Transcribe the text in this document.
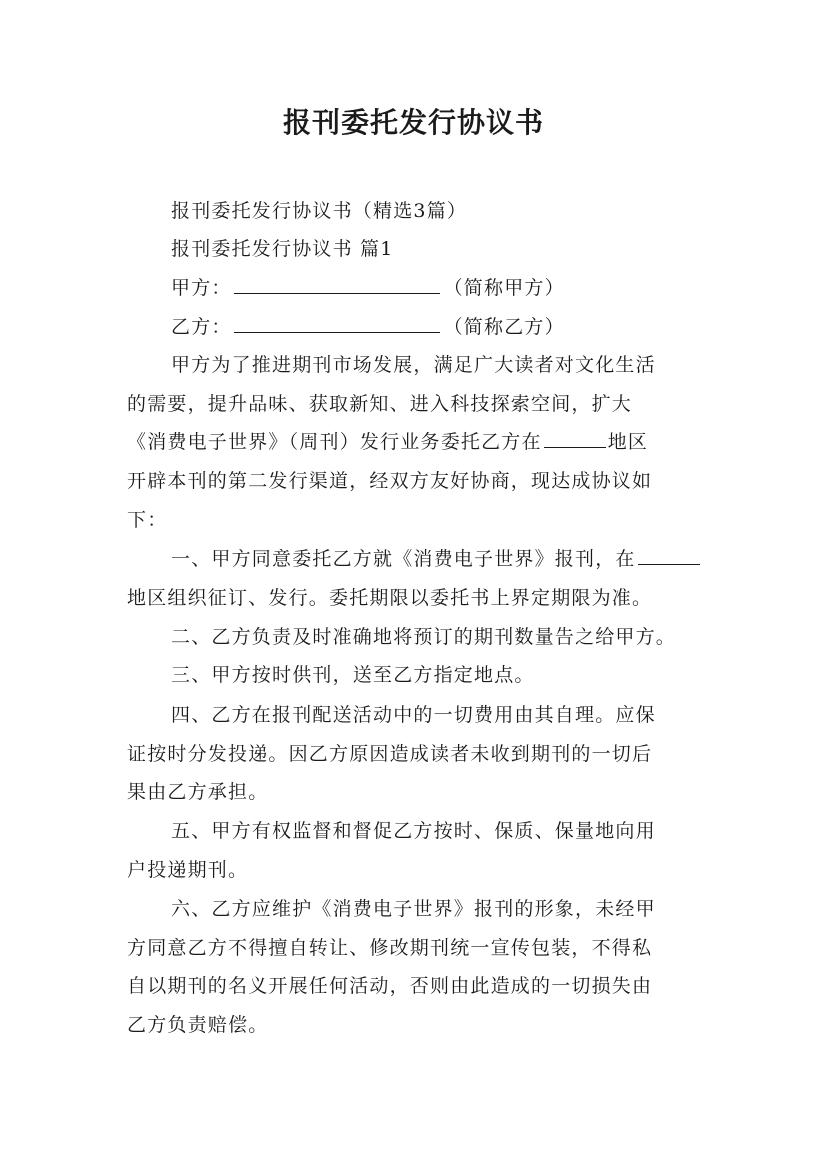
报刊委托发行协议书
报刊委托发行协议书（精选3篇）
报刊委托发行协议书 篇1
甲方：	（简称甲方）
乙方：	（简称乙方）
甲方为了推进期刊市场发展，满足广大读者对文化生活
的需要，提升品味、获取新知、进入科技探索空间，扩大
《消费电子世界》（周刊）发行业务委托乙方在	地区
开辟本刊的第二发行渠道，经双方友好协商，现达成协议如
下：
一、甲方同意委托乙方就《消费电子世界》报刊，在
地区组织征订、发行。委托期限以委托书上界定期限为准。
二、乙方负责及时准确地将预订的期刊数量告之给甲方。
三、甲方按时供刊，送至乙方指定地点。
四、乙方在报刊配送活动中的一切费用由其自理。应保
证按时分发投递。因乙方原因造成读者未收到期刊的一切后
果由乙方承担。
五、甲方有权监督和督促乙方按时、保质、保量地向用
户投递期刊。
六、乙方应维护《消费电子世界》报刊的形象，未经甲
方同意乙方不得擅自转让、修改期刊统一宣传包装，不得私
自以期刊的名义开展任何活动，否则由此造成的一切损失由
乙方负责赔偿。
